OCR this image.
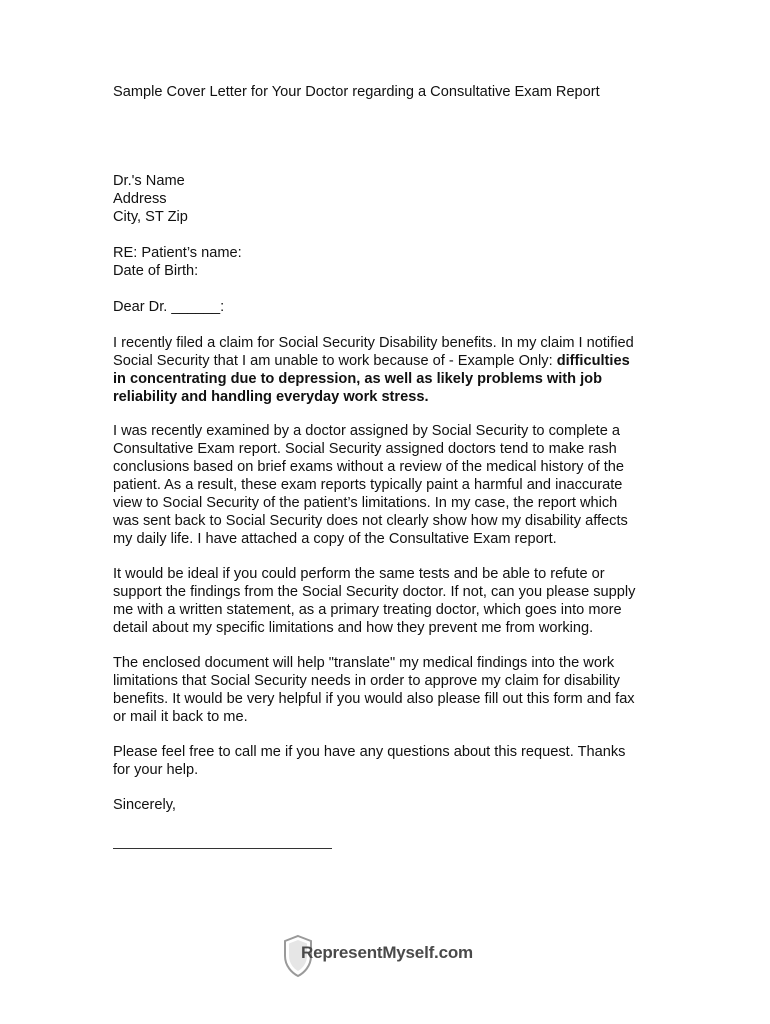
Sample Cover Letter for Your Doctor regarding a Consultative Exam Report

Dr.'s Name
Address
City, ST Zip

RE: Patient’s name:
Date of Birth:

Dear Dr. ______:

I recently filed a claim for Social Security Disability benefits. In my claim I notified
Social Security that I am unable to work because of - Example Only: difficulties
in concentrating due to depression, as well as likely problems with job
reliability and handling everyday work stress.

I was recently examined by a doctor assigned by Social Security to complete a
Consultative Exam report. Social Security assigned doctors tend to make rash
conclusions based on brief exams without a review of the medical history of the
patient. As a result, these exam reports typically paint a harmful and inaccurate
view to Social Security of the patient’s limitations. In my case, the report which
was sent back to Social Security does not clearly show how my disability affects
my daily life. I have attached a copy of the Consultative Exam report.

It would be ideal if you could perform the same tests and be able to refute or
support the findings from the Social Security doctor. If not, can you please supply
me with a written statement, as a primary treating doctor, which goes into more
detail about my specific limitations and how they prevent me from working.

The enclosed document will help "translate" my medical findings into the work
limitations that Social Security needs in order to approve my claim for disability
benefits. It would be very helpful if you would also please fill out this form and fax
or mail it back to me.

Please feel free to call me if you have any questions about this request. Thanks
for your help.

Sincerely,

RepresentMyself.com
